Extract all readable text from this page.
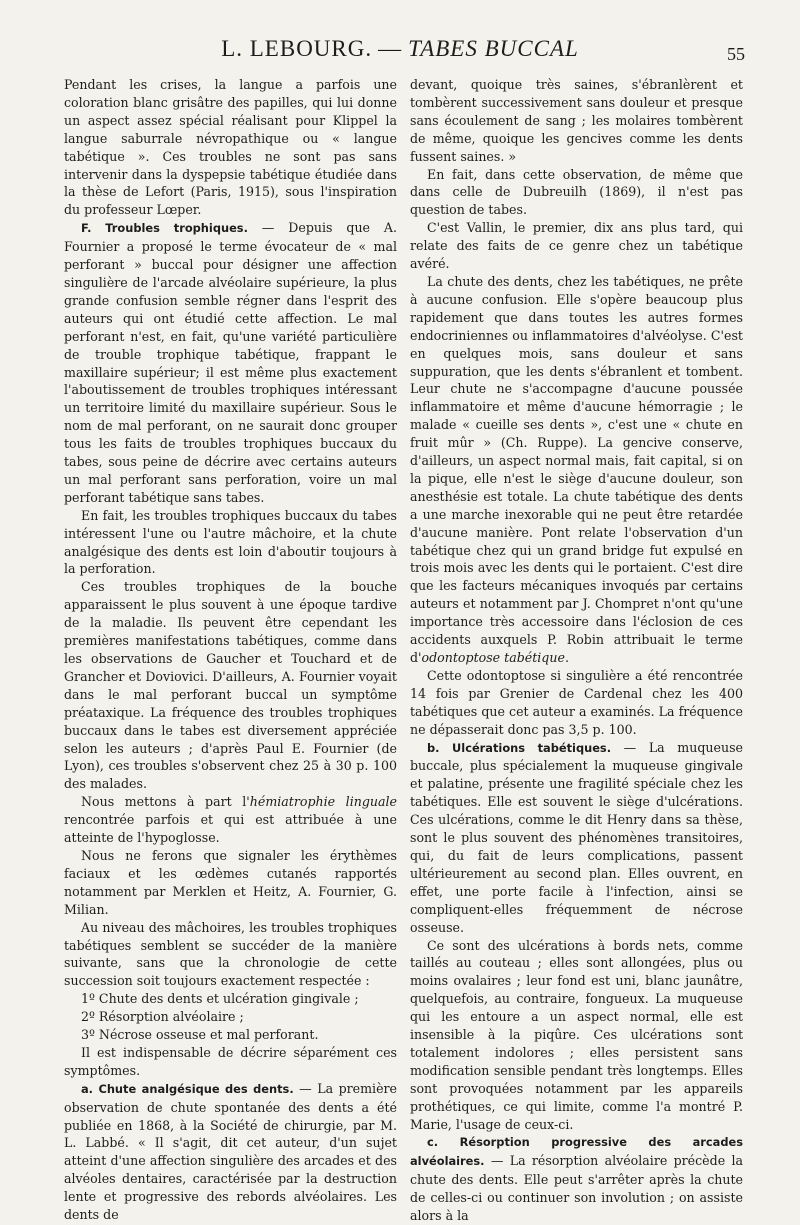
L. LEBOURG. — TABES BUCCAL	55

Pendant les crises, la langue a parfois une coloration blanc grisâtre des papilles, qui lui donne un aspect assez spécial réalisant pour Klippel la langue saburrale névropathique ou « langue tabétique ». Ces troubles ne sont pas sans intervenir dans la dyspepsie tabétique étudiée dans la thèse de Lefort (Paris, 1915), sous l'inspiration du professeur Lœper.

F. Troubles trophiques. — Depuis que A. Fournier a proposé le terme évocateur de « mal perforant » buccal pour désigner une affection singulière de l'arcade alvéolaire supérieure, la plus grande confusion semble régner dans l'esprit des auteurs qui ont étudié cette affection. Le mal perforant n'est, en fait, qu'une variété particulière de trouble trophique tabétique, frappant le maxillaire supérieur; il est même plus exactement l'aboutissement de troubles trophiques intéressant un territoire limité du maxillaire supérieur. Sous le nom de mal perforant, on ne saurait donc grouper tous les faits de troubles trophiques buccaux du tabes, sous peine de décrire avec certains auteurs un mal perforant sans perforation, voire un mal perforant tabétique sans tabes.

En fait, les troubles trophiques buccaux du tabes intéressent l'une ou l'autre mâchoire, et la chute analgésique des dents est loin d'aboutir toujours à la perforation.

Ces troubles trophiques de la bouche apparaissent le plus souvent à une époque tardive de la maladie. Ils peuvent être cependant les premières manifestations tabétiques, comme dans les observations de Gaucher et Touchard et de Grancher et Doviovici. D'ailleurs, A. Fournier voyait dans le mal perforant buccal un symptôme préataxique. La fréquence des troubles trophiques buccaux dans le tabes est diversement appréciée selon les auteurs ; d'après Paul E. Fournier (de Lyon), ces troubles s'observent chez 25 à 30 p. 100 des malades.

Nous mettons à part l'hémiatrophie linguale rencontrée parfois et qui est attribuée à une atteinte de l'hypoglosse.

Nous ne ferons que signaler les érythèmes faciaux et les œdèmes cutanés rapportés notamment par Merklen et Heitz, A. Fournier, G. Milian.

Au niveau des mâchoires, les troubles trophiques tabétiques semblent se succéder de la manière suivante, sans que la chronologie de cette succession soit toujours exactement respectée :

1º Chute des dents et ulcération gingivale ;

2º Résorption alvéolaire ;

3º Nécrose osseuse et mal perforant.

Il est indispensable de décrire séparément ces symptômes.

a. Chute analgésique des dents. — La première observation de chute spontanée des dents a été publiée en 1868, à la Société de chirurgie, par M. L. Labbé. « Il s'agit, dit cet auteur, d'un sujet atteint d'une affection singulière des arcades et des alvéoles dentaires, caractérisée par la destruction lente et progressive des rebords alvéolaires. Les dents de

devant, quoique très saines, s'ébranlèrent et tombèrent successivement sans douleur et presque sans écoulement de sang ; les molaires tombèrent de même, quoique les gencives comme les dents fussent saines. »

En fait, dans cette observation, de même que dans celle de Dubreuilh (1869), il n'est pas question de tabes.

C'est Vallin, le premier, dix ans plus tard, qui relate des faits de ce genre chez un tabétique avéré.

La chute des dents, chez les tabétiques, ne prête à aucune confusion. Elle s'opère beaucoup plus rapidement que dans toutes les autres formes endocriniennes ou inflammatoires d'alvéolyse. C'est en quelques mois, sans douleur et sans suppuration, que les dents s'ébranlent et tombent. Leur chute ne s'accompagne d'aucune poussée inflammatoire et même d'aucune hémorragie ; le malade « cueille ses dents », c'est une « chute en fruit mûr » (Ch. Ruppe). La gencive conserve, d'ailleurs, un aspect normal mais, fait capital, si on la pique, elle n'est le siège d'aucune douleur, son anesthésie est totale. La chute tabétique des dents a une marche inexorable qui ne peut être retardée d'aucune manière. Pont relate l'observation d'un tabétique chez qui un grand bridge fut expulsé en trois mois avec les dents qui le portaient. C'est dire que les facteurs mécaniques invoqués par certains auteurs et notamment par J. Chompret n'ont qu'une importance très accessoire dans l'éclosion de ces accidents auxquels P. Robin attribuait le terme d'odontoptose tabétique.

Cette odontoptose si singulière a été rencontrée 14 fois par Grenier de Cardenal chez les 400 tabétiques que cet auteur a examinés. La fréquence ne dépasserait donc pas 3,5 p. 100.

b. Ulcérations tabétiques. — La muqueuse buccale, plus spécialement la muqueuse gingivale et palatine, présente une fragilité spéciale chez les tabétiques. Elle est souvent le siège d'ulcérations. Ces ulcérations, comme le dit Henry dans sa thèse, sont le plus souvent des phénomènes transitoires, qui, du fait de leurs complications, passent ultérieurement au second plan. Elles ouvrent, en effet, une porte facile à l'infection, ainsi se compliquent-elles fréquemment de nécrose osseuse.

Ce sont des ulcérations à bords nets, comme taillés au couteau ; elles sont allongées, plus ou moins ovalaires ; leur fond est uni, blanc jaunâtre, quelquefois, au contraire, fongueux. La muqueuse qui les entoure a un aspect normal, elle est insensible à la piqûre. Ces ulcérations sont totalement indolores ; elles persistent sans modification sensible pendant très longtemps. Elles sont provoquées notamment par les appareils prothétiques, ce qui limite, comme l'a montré P. Marie, l'usage de ceux-ci.

c. Résorption progressive des arcades alvéolaires. — La résorption alvéolaire précède la chute des dents. Elle peut s'arrêter après la chute de celles-ci ou continuer son involution ; on assiste alors à la
